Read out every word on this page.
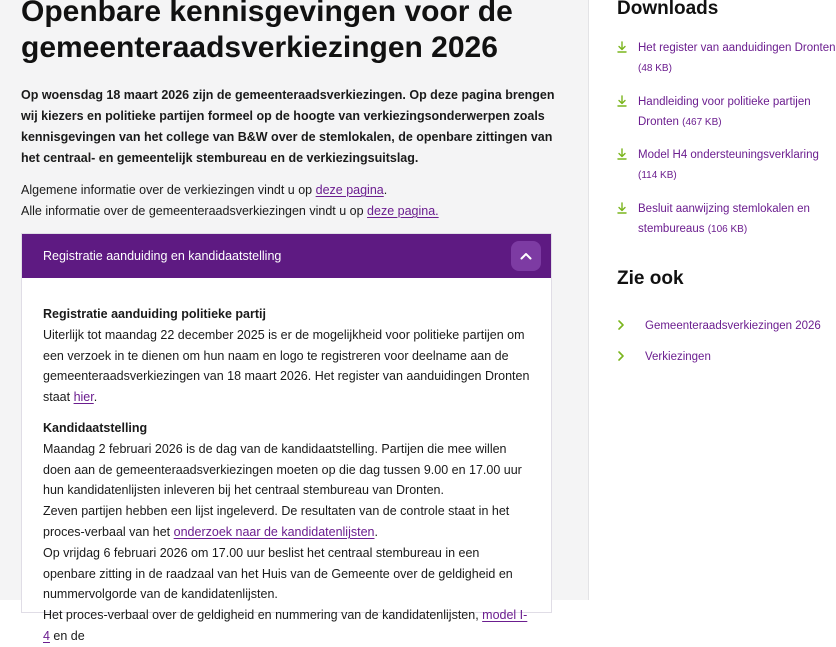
Openbare kennisgevingen voor de gemeenteraadsverkiezingen 2026
Op woensdag 18 maart 2026 zijn de gemeenteraadsverkiezingen. Op deze pagina brengen wij kiezers en politieke partijen formeel op de hoogte van verkiezingsonderwerpen zoals kennisgevingen van het college van B&W over de stemlokalen, de openbare zittingen van het centraal- en gemeentelijk stembureau en de verkiezingsuitslag.
Algemene informatie over de verkiezingen vindt u op deze pagina.
Alle informatie over de gemeenteraadsverkiezingen vindt u op deze pagina.
Registratie aanduiding en kandidaatstelling
Registratie aanduiding politieke partij

Uiterlijk tot maandag 22 december 2025 is er de mogelijkheid voor politieke partijen om een verzoek in te dienen om hun naam en logo te registreren voor deelname aan de gemeenteraadsverkiezingen van 18 maart 2026. Het register van aanduidingen Dronten staat hier.

Kandidaatstelling

Maandag 2 februari 2026 is de dag van de kandidaatstelling. Partijen die mee willen doen aan de gemeenteraadsverkiezingen moeten op die dag tussen 9.00 en 17.00 uur hun kandidatenlijsten inleveren bij het centraal stembureau van Dronten.

Zeven partijen hebben een lijst ingeleverd. De resultaten van de controle staat in het proces-verbaal van het onderzoek naar de kandidatenlijsten.

Op vrijdag 6 februari 2026 om 17.00 uur beslist het centraal stembureau in een openbare zitting in de raadzaal van het Huis van de Gemeente over de geldigheid en nummervolgorde van de kandidatenlijsten.

Het proces-verbaal over de geldigheid en nummering van de kandidatenlijsten, model I-4 en de

Downloads
Het register van aanduidingen Dronten
(48 KB)
Handleiding voor politieke partijen
Dronten (467 KB)
Model H4 ondersteuningsverklaring
(114 KB)
Besluit aanwijzing stemlokalen en
stembureaus (106 KB)
Zie ook
Gemeenteraadsverkiezingen 2026
Verkiezingen
